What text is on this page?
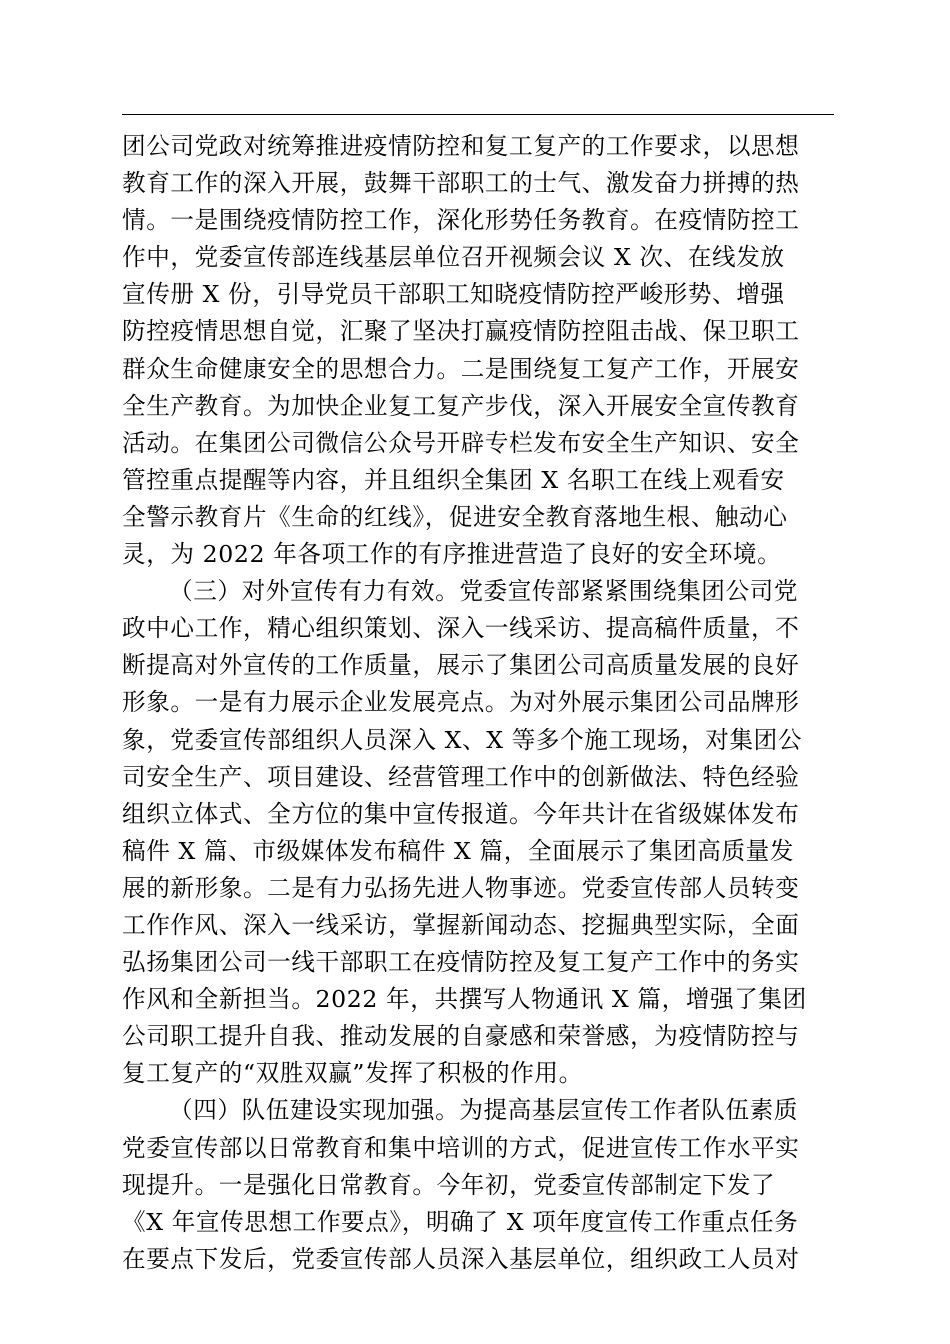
团公司党政对统筹推进疫情防控和复工复产的工作要求，以思想
教育工作的深入开展，鼓舞干部职工的士气、激发奋力拼搏的热
情。一是围绕疫情防控工作，深化形势任务教育。在疫情防控工
作中，党委宣传部连线基层单位召开视频会议 X 次、在线发放
宣传册 X 份，引导党员干部职工知晓疫情防控严峻形势、增强
防控疫情思想自觉，汇聚了坚决打赢疫情防控阻击战、保卫职工
群众生命健康安全的思想合力。二是围绕复工复产工作，开展安
全生产教育。为加快企业复工复产步伐，深入开展安全宣传教育
活动。在集团公司微信公众号开辟专栏发布安全生产知识、安全
管控重点提醒等内容，并且组织全集团 X 名职工在线上观看安
全警示教育片《生命的红线》，促进安全教育落地生根、触动心
灵，为 2022 年各项工作的有序推进营造了良好的安全环境。
（三）对外宣传有力有效。党委宣传部紧紧围绕集团公司党
政中心工作，精心组织策划、深入一线采访、提高稿件质量，不
断提高对外宣传的工作质量，展示了集团公司高质量发展的良好
形象。一是有力展示企业发展亮点。为对外展示集团公司品牌形
象，党委宣传部组织人员深入 X、X 等多个施工现场，对集团公
司安全生产、项目建设、经营管理工作中的创新做法、特色经验
组织立体式、全方位的集中宣传报道。今年共计在省级媒体发布
稿件 X 篇、市级媒体发布稿件 X 篇，全面展示了集团高质量发
展的新形象。二是有力弘扬先进人物事迹。党委宣传部人员转变
工作作风、深入一线采访，掌握新闻动态、挖掘典型实际，全面
弘扬集团公司一线干部职工在疫情防控及复工复产工作中的务实
作风和全新担当。2022 年，共撰写人物通讯 X 篇，增强了集团
公司职工提升自我、推动发展的自豪感和荣誉感，为疫情防控与
复工复产的“双胜双赢”发挥了积极的作用。
（四）队伍建设实现加强。为提高基层宣传工作者队伍素质
党委宣传部以日常教育和集中培训的方式，促进宣传工作水平实
现提升。一是强化日常教育。今年初，党委宣传部制定下发了
《X 年宣传思想工作要点》，明确了 X 项年度宣传工作重点任务
在要点下发后，党委宣传部人员深入基层单位，组织政工人员对
